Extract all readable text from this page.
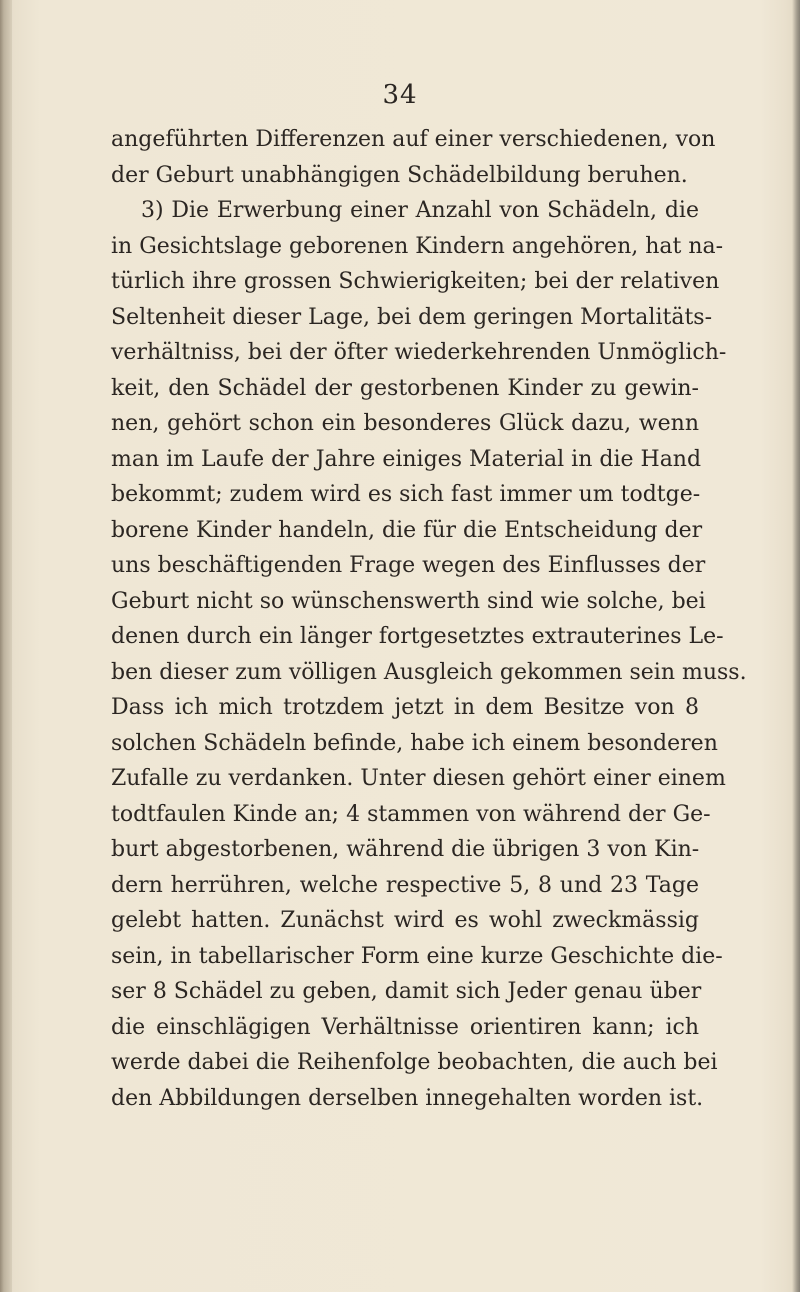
34
angeführten Differenzen auf einer verschiedenen, von
der Geburt unabhängigen Schädelbildung beruhen.
3) Die Erwerbung einer Anzahl von Schädeln, die
in Gesichtslage geborenen Kindern angehören, hat na-
türlich ihre grossen Schwierigkeiten; bei der relativen
Seltenheit dieser Lage, bei dem geringen Mortalitäts-
verhältniss, bei der öfter wiederkehrenden Unmöglich-
keit, den Schädel der gestorbenen Kinder zu gewin-
nen, gehört schon ein besonderes Glück dazu, wenn
man im Laufe der Jahre einiges Material in die Hand
bekommt; zudem wird es sich fast immer um todtge-
borene Kinder handeln, die für die Entscheidung der
uns beschäftigenden Frage wegen des Einflusses der
Geburt nicht so wünschenswerth sind wie solche, bei
denen durch ein länger fortgesetztes extrauterines Le-
ben dieser zum völligen Ausgleich gekommen sein muss.
Dass ich mich trotzdem jetzt in dem Besitze von 8
solchen Schädeln befinde, habe ich einem besonderen
Zufalle zu verdanken. Unter diesen gehört einer einem
todtfaulen Kinde an; 4 stammen von während der Ge-
burt abgestorbenen, während die übrigen 3 von Kin-
dern herrühren, welche respective 5, 8 und 23 Tage
gelebt hatten. Zunächst wird es wohl zweckmässig
sein, in tabellarischer Form eine kurze Geschichte die-
ser 8 Schädel zu geben, damit sich Jeder genau über
die einschlägigen Verhältnisse orientiren kann; ich
werde dabei die Reihenfolge beobachten, die auch bei
den Abbildungen derselben innegehalten worden ist.
